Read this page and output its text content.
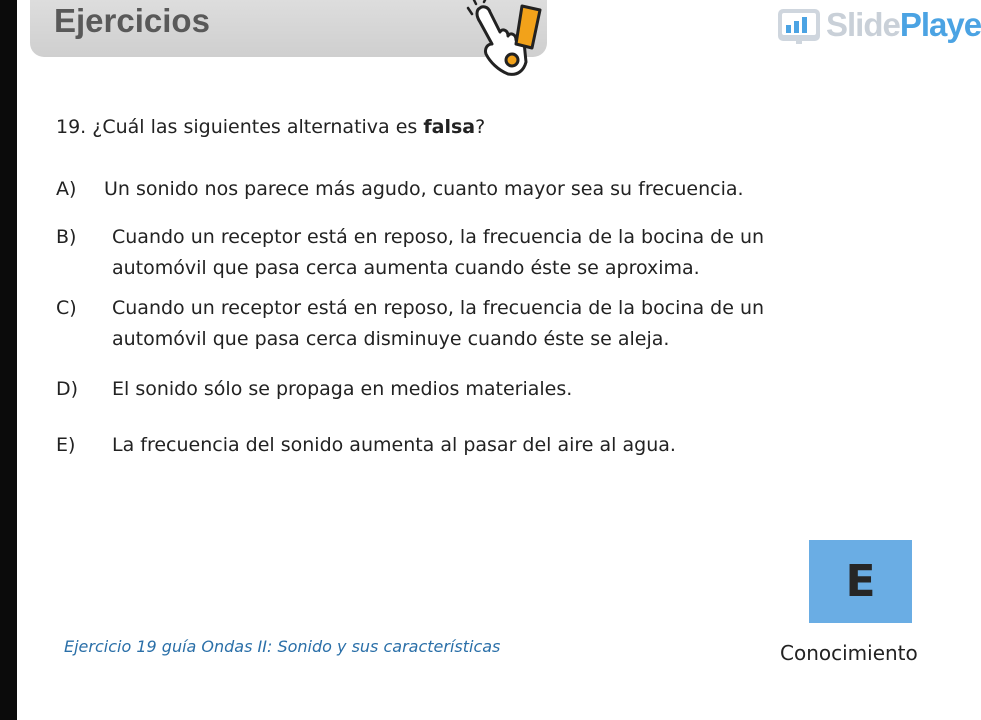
Ejercicios	SlidePlaye
19. ¿Cuál las siguientes alternativa es falsa?
A) Un sonido nos parece más agudo, cuanto mayor sea su frecuencia.
B) Cuando un receptor está en reposo, la frecuencia de la bocina de un
automóvil que pasa cerca aumenta cuando éste se aproxima.
C) Cuando un receptor está en reposo, la frecuencia de la bocina de un
automóvil que pasa cerca disminuye cuando éste se aleja.
D) El sonido sólo se propaga en medios materiales.
E) La frecuencia del sonido aumenta al pasar del aire al agua.
E
Conocimiento
Ejercicio 19 guía Ondas II: Sonido y sus características
